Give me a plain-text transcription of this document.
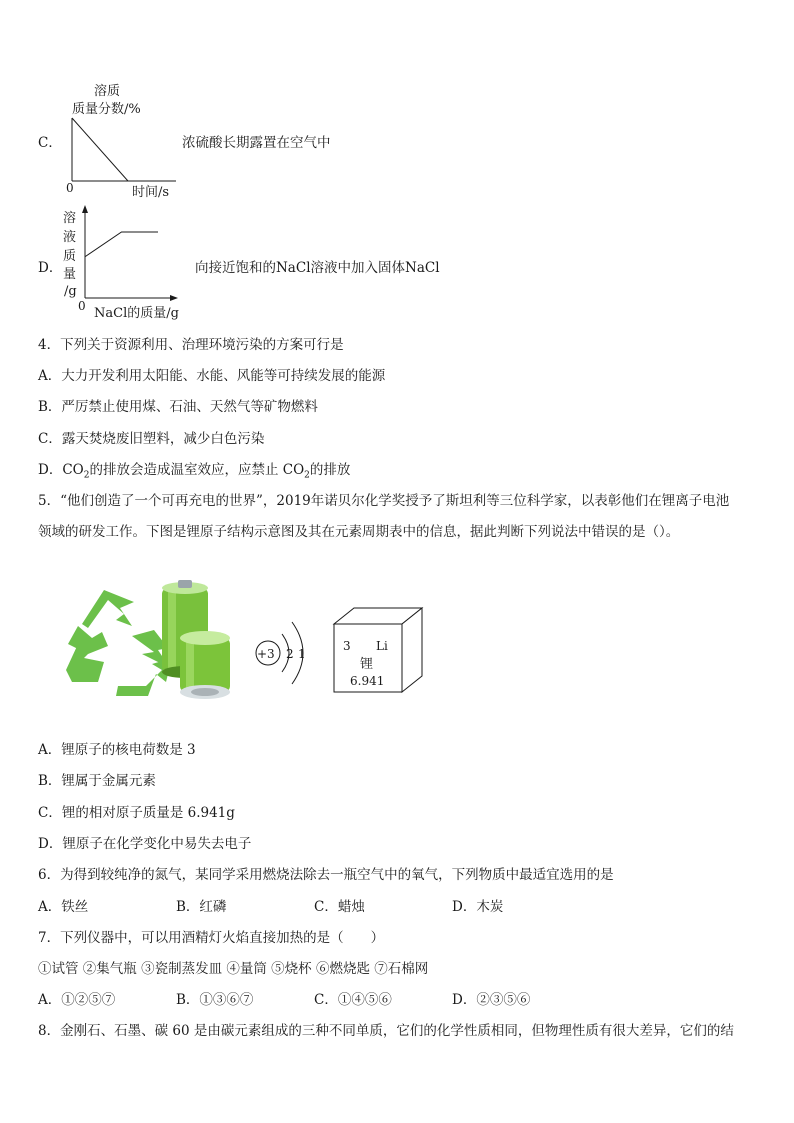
C．
溶质
质量分数/%
0	时间/s
浓硫酸长期露置在空气中
D．
溶
液
质
量
/g
0 NaCl的质量/g
向接近饱和的NaCl溶液中加入固体NaCl
4．下列关于资源利用、治理环境污染的方案可行是
A．大力开发利用太阳能、水能、风能等可持续发展的能源
B．严厉禁止使用煤、石油、天然气等矿物燃料
C．露天焚烧废旧塑料，减少白色污染
D．$CO_2$的排放会造成温室效应，应禁止 $CO_2$的排放
5．“他们创造了一个可再充电的世界”，2019年诺贝尔化学奖授予了斯坦利等三位科学家，以表彰他们在锂离子电池
领域的研发工作。下图是锂原子结构示意图及其在元素周期表中的信息，据此判断下列说法中错误的是（）。
+3 2 1
3 Li
锂
6.941
A．锂原子的核电荷数是 3
B．锂属于金属元素
C．锂的相对原子质量是 6.941g
D．锂原子在化学变化中易失去电子
6．为得到较纯净的氮气，某同学采用燃烧法除去一瓶空气中的氧气，下列物质中最适宜选用的是
A．铁丝	B．红磷	C．蜡烛	D．木炭
7．下列仪器中，可以用酒精灯火焰直接加热的是（　　）
①试管 ②集气瓶 ③瓷制蒸发皿 ④量筒 ⑤烧杯 ⑥燃烧匙 ⑦石棉网
A．①②⑤⑦	B．①③⑥⑦	C．①④⑤⑥	D．②③⑤⑥
8．金刚石、石墨、碳 60 是由碳元素组成的三种不同单质，它们的化学性质相同，但物理性质有很大差异，它们的结
